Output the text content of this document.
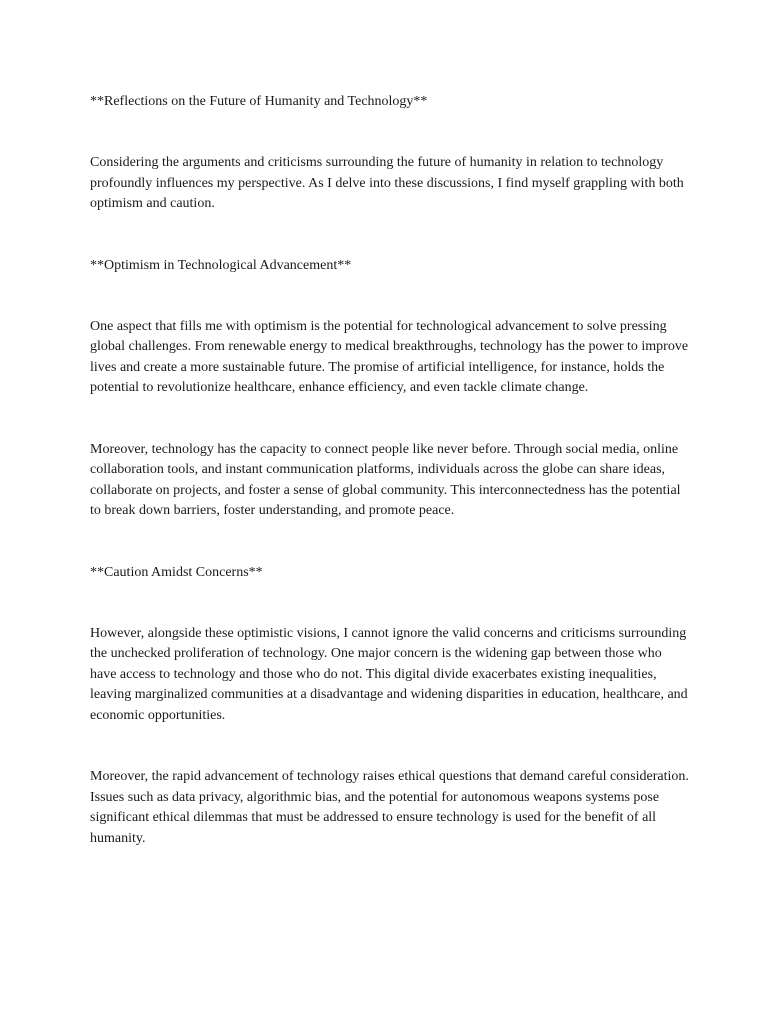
**Reflections on the Future of Humanity and Technology**

Considering the arguments and criticisms surrounding the future of humanity in relation to technology profoundly influences my perspective. As I delve into these discussions, I find myself grappling with both optimism and caution.

**Optimism in Technological Advancement**

One aspect that fills me with optimism is the potential for technological advancement to solve pressing global challenges. From renewable energy to medical breakthroughs, technology has the power to improve lives and create a more sustainable future. The promise of artificial intelligence, for instance, holds the potential to revolutionize healthcare, enhance efficiency, and even tackle climate change.

Moreover, technology has the capacity to connect people like never before. Through social media, online collaboration tools, and instant communication platforms, individuals across the globe can share ideas, collaborate on projects, and foster a sense of global community. This interconnectedness has the potential to break down barriers, foster understanding, and promote peace.

**Caution Amidst Concerns**

However, alongside these optimistic visions, I cannot ignore the valid concerns and criticisms surrounding the unchecked proliferation of technology. One major concern is the widening gap between those who have access to technology and those who do not. This digital divide exacerbates existing inequalities, leaving marginalized communities at a disadvantage and widening disparities in education, healthcare, and economic opportunities.

Moreover, the rapid advancement of technology raises ethical questions that demand careful consideration. Issues such as data privacy, algorithmic bias, and the potential for autonomous weapons systems pose significant ethical dilemmas that must be addressed to ensure technology is used for the benefit of all humanity.
